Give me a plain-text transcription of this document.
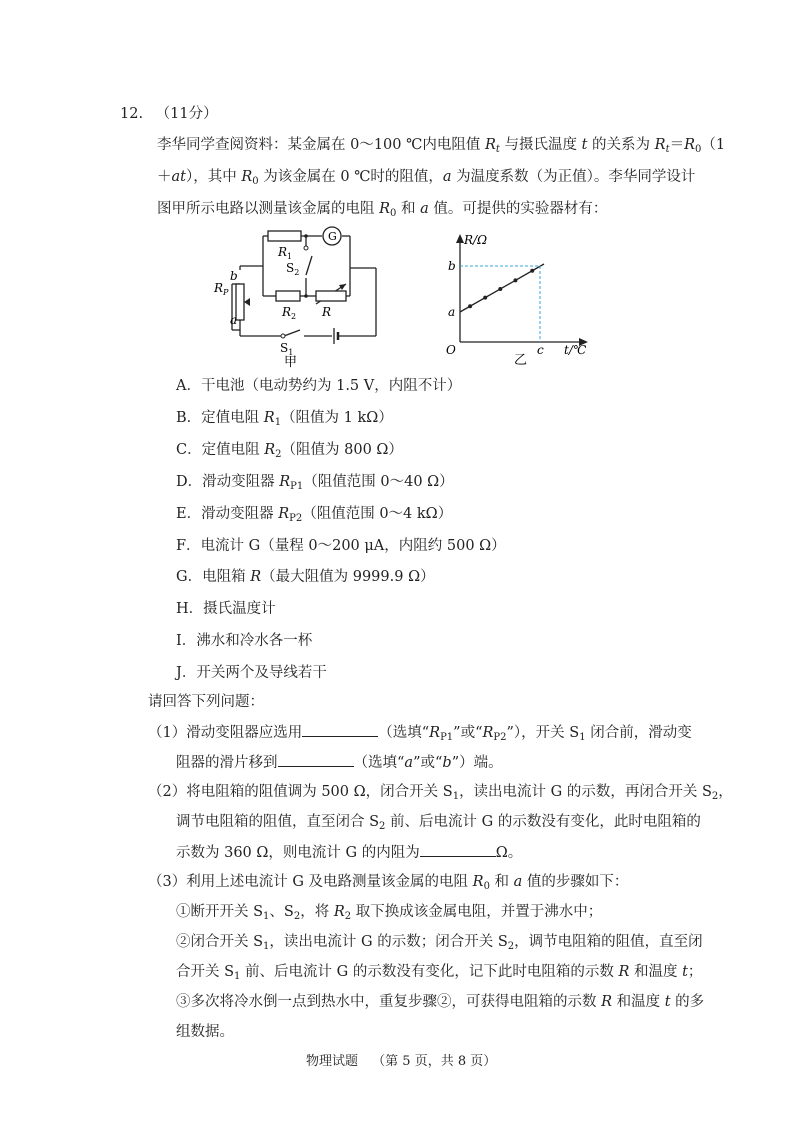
12. （11分）
李华同学查阅资料：某金属在 0～100 ℃内电阻值 $R_t$ 与摄氏温度 t 的关系为 $R_t=R_0(1$
＋at），其中 $R_0$ 为该金属在 0 ℃时的阻值，a 为温度系数（为正值）。李华同学设计
图甲所示电路以测量该金属的电阻 $R_0$ 和 a 值。可提供的实验器材有：
$R_1$
G
$S_2$
$R_2$ R
$R_P$
b
a
$S_1$
甲
R/Ω
b
a
O	c t/℃
乙
A．干电池（电动势约为 1.5 V，内阻不计）
B．定值电阻 $R_1$（阻值为 1 kΩ）
C．定值电阻 $R_2$（阻值为 800 Ω）
D．滑动变阻器 $R_{P1}$（阻值范围 0～40 Ω）
E．滑动变阻器 $R_{P2}$（阻值范围 0～4 kΩ）
F．电流计 G（量程 0～200 μA，内阻约 500 Ω）
G．电阻箱 R（最大阻值为 9999.9 Ω）
H．摄氏温度计
I．沸水和冷水各一杯
J．开关两个及导线若干
请回答下列问题：
（1）滑动变阻器应选用	（选填“$R_{P1}$”或“$R_{P2}$”），开关 $S_1$ 闭合前，滑动变
阻器的滑片移到	（选填“a”或“b”）端。
（2）将电阻箱的阻值调为 500 Ω，闭合开关 $S_1$，读出电流计 G 的示数，再闭合开关 $S_2$，
调节电阻箱的阻值，直至闭合 $S_2$ 前、后电流计 G 的示数没有变化，此时电阻箱的
示数为 360 Ω，则电流计 G 的内阻为	Ω。
（3）利用上述电流计 G 及电路测量该金属的电阻 $R_0$ 和 a 值的步骤如下：
①断开开关 $S_1$、$S_2$，将 $R_2$ 取下换成该金属电阻，并置于沸水中；
②闭合开关 $S_1$，读出电流计 G 的示数；闭合开关 $S_2$，调节电阻箱的阻值，直至闭
合开关 $S_1$ 前、后电流计 G 的示数没有变化，记下此时电阻箱的示数 R 和温度 t；
③多次将冷水倒一点到热水中，重复步骤②，可获得电阻箱的示数 R 和温度 t 的多
组数据。
物理试题 （第 5 页，共 8 页）
